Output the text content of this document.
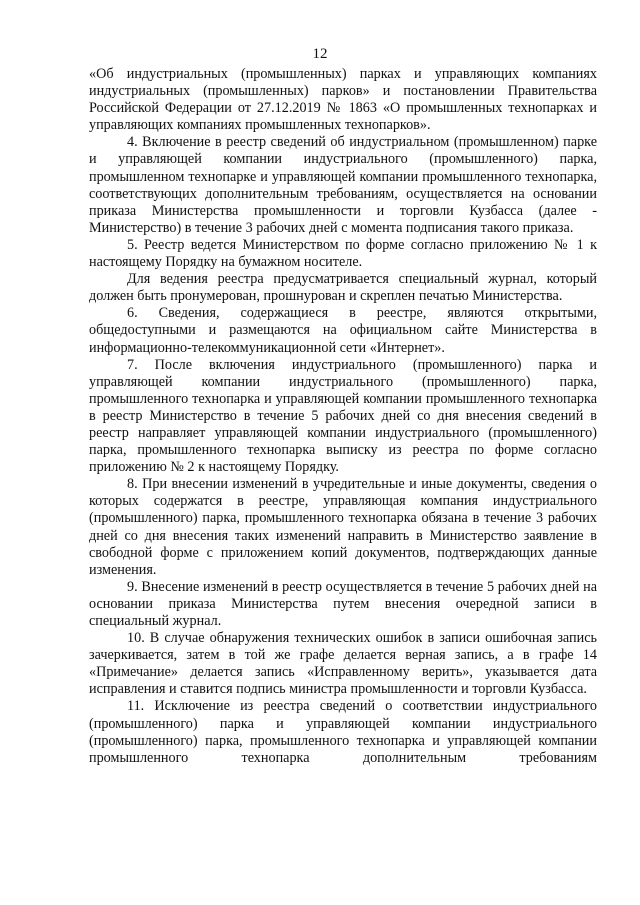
12

«Об индустриальных (промышленных) парках и управляющих компаниях индустриальных (промышленных) парков» и постановлении Правительства Российской Федерации от 27.12.2019 № 1863 «О промышленных технопарках и управляющих компаниях промышленных технопарков».

4. Включение в реестр сведений об индустриальном (промышленном) парке и управляющей компании индустриального (промышленного) парка, промышленном технопарке и управляющей компании промышленного технопарка, соответствующих дополнительным требованиям, осуществляется на основании приказа Министерства промышленности и торговли Кузбасса (далее - Министерство) в течение 3 рабочих дней с момента подписания такого приказа.

5. Реестр ведется Министерством по форме согласно приложению № 1 к настоящему Порядку на бумажном носителе.

Для ведения реестра предусматривается специальный журнал, который должен быть пронумерован, прошнурован и скреплен печатью Министерства.

6. Сведения, содержащиеся в реестре, являются открытыми, общедоступными и размещаются на официальном сайте Министерства в информационно-телекоммуникационной сети «Интернет».

7. После включения индустриального (промышленного) парка и управляющей компании индустриального (промышленного) парка, промышленного технопарка и управляющей компании промышленного технопарка в реестр Министерство в течение 5 рабочих дней со дня внесения сведений в реестр направляет управляющей компании индустриального (промышленного) парка, промышленного технопарка выписку из реестра по форме согласно приложению № 2 к настоящему Порядку.

8. При внесении изменений в учредительные и иные документы, сведения о которых содержатся в реестре, управляющая компания индустриального (промышленного) парка, промышленного технопарка обязана в течение 3 рабочих дней со дня внесения таких изменений направить в Министерство заявление в свободной форме с приложением копий документов, подтверждающих данные изменения.

9. Внесение изменений в реестр осуществляется в течение 5 рабочих дней на основании приказа Министерства путем внесения очередной записи в специальный журнал.

10. В случае обнаружения технических ошибок в записи ошибочная запись зачеркивается, затем в той же графе делается верная запись, а в графе 14 «Примечание» делается запись «Исправленному верить», указывается дата исправления и ставится подпись министра промышленности и торговли Кузбасса.

11. Исключение из реестра сведений о соответствии индустриального (промышленного) парка и управляющей компании индустриального (промышленного) парка, промышленного технопарка и управляющей компании промышленного технопарка дополнительным требованиям
